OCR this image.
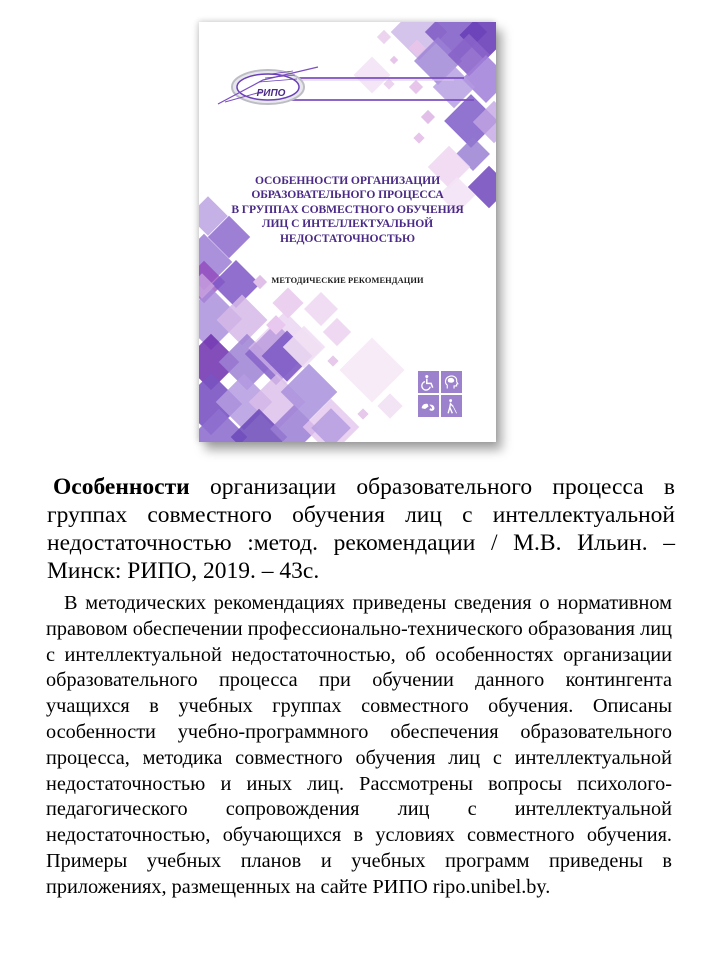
РИПО
ОСОБЕННОСТИ ОРГАНИЗАЦИИ
ОБРАЗОВАТЕЛЬНОГО ПРОЦЕССА
В ГРУППАХ СОВМЕСТНОГО ОБУЧЕНИЯ
ЛИЦ С ИНТЕЛЛЕКТУАЛЬНОЙ
НЕДОСТАТОЧНОСТЬЮ
МЕТОДИЧЕСКИЕ РЕКОМЕНДАЦИИ

Особенности организации образовательного процесса в группах совместного обучения лиц с интеллектуальной недостаточностью :метод. рекомендации / М.В. Ильин. – Минск: РИПО, 2019. – 43с.

В методических рекомендациях приведены сведения о нормативном правовом обеспечении профессионально-технического образования лиц с интеллектуальной недостаточностью, об особенностях организации образовательного процесса при обучении данного контингента учащихся в учебных группах совместного обучения. Описаны особенности учебно-программного обеспечения образовательного процесса, методика совместного обучения лиц с интеллектуальной недостаточностью и иных лиц. Рассмотрены вопросы психолого-педагогического сопровождения лиц с интеллектуальной недостаточностью, обучающихся в условиях совместного обучения. Примеры учебных планов и учебных программ приведены в приложениях, размещенных на сайте РИПО ripo.unibel.by.
